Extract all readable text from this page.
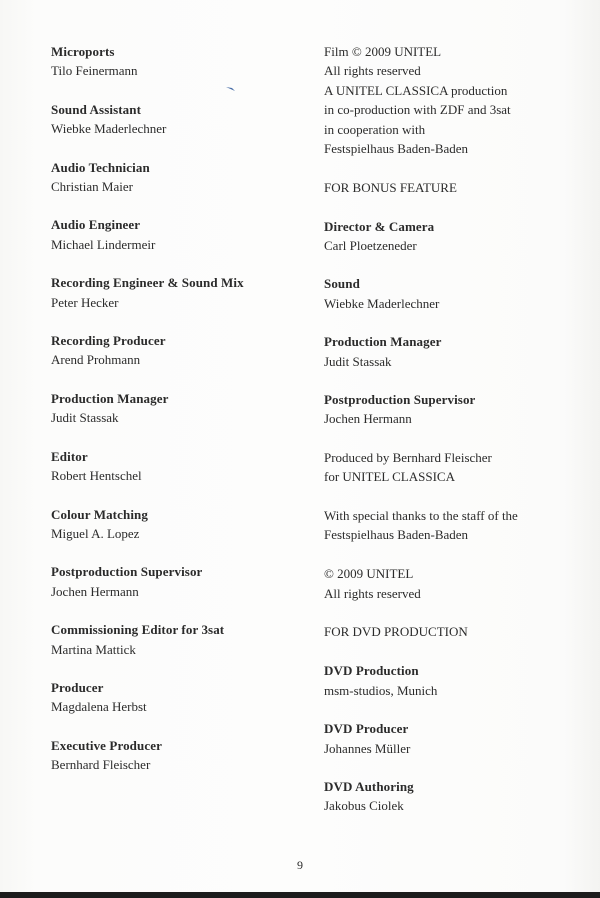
Microports
Tilo Feinermann
Sound Assistant
Wiebke Maderlechner
Audio Technician
Christian Maier
Audio Engineer
Michael Lindermeir
Recording Engineer & Sound Mix
Peter Hecker
Recording Producer
Arend Prohmann
Production Manager
Judit Stassak
Editor
Robert Hentschel
Colour Matching
Miguel A. Lopez
Postproduction Supervisor
Jochen Hermann
Commissioning Editor for 3sat
Martina Mattick
Producer
Magdalena Herbst
Executive Producer
Bernhard Fleischer
Film © 2009 UNITEL
All rights reserved
A UNITEL CLASSICA production
in co-production with ZDF and 3sat
in cooperation with
Festspielhaus Baden-Baden
FOR BONUS FEATURE
Director & Camera
Carl Ploetzeneder
Sound
Wiebke Maderlechner
Production Manager
Judit Stassak
Postproduction Supervisor
Jochen Hermann
Produced by Bernhard Fleischer
for UNITEL CLASSICA
With special thanks to the staff of the
Festspielhaus Baden-Baden
© 2009 UNITEL
All rights reserved
FOR DVD PRODUCTION
DVD Production
msm-studios, Munich
DVD Producer
Johannes Müller
DVD Authoring
Jakobus Ciolek
9
